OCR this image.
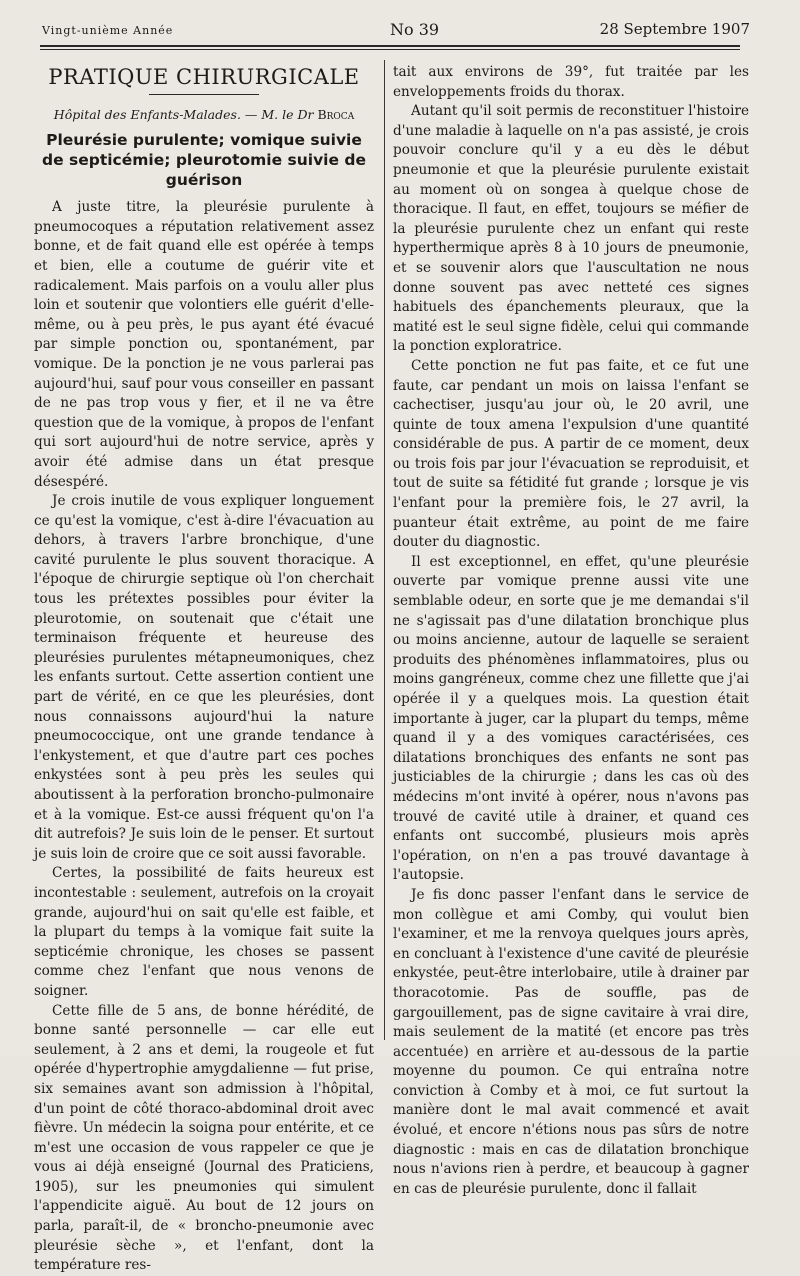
Vingt-unième Année	No 39	28 Septembre 1907
PRATIQUE CHIRURGICALE
Hôpital des Enfants-Malades. — M. le Dr Broca
Pleurésie purulente; vomique suivie de septicémie; pleurotomie suivie de guérison

A juste titre, la pleurésie purulente à pneumocoques a réputation relativement assez bonne, et de fait quand elle est opérée à temps et bien, elle a coutume de guérir vite et radicalement. Mais parfois on a voulu aller plus loin et soutenir que volontiers elle guérit d'elle-même, ou à peu près, le pus ayant été évacué par simple ponction ou, spontanément, par vomique. De la ponction je ne vous parlerai pas aujourd'hui, sauf pour vous conseiller en passant de ne pas trop vous y fier, et il ne va être question que de la vomique, à propos de l'enfant qui sort aujourd'hui de notre service, après y avoir été admise dans un état presque désespéré.

Je crois inutile de vous expliquer longuement ce qu'est la vomique, c'est à-dire l'évacuation au dehors, à travers l'arbre bronchique, d'une cavité purulente le plus souvent thoracique. A l'époque de chirurgie septique où l'on cherchait tous les prétextes possibles pour éviter la pleurotomie, on soutenait que c'était une terminaison fréquente et heureuse des pleurésies purulentes métapneumoniques, chez les enfants surtout. Cette assertion contient une part de vérité, en ce que les pleurésies, dont nous connaissons aujourd'hui la nature pneumococcique, ont une grande tendance à l'enkystement, et que d'autre part ces poches enkystées sont à peu près les seules qui aboutissent à la perforation broncho-pulmonaire et à la vomique. Est-ce aussi fréquent qu'on l'a dit autrefois? Je suis loin de le penser. Et surtout je suis loin de croire que ce soit aussi favorable.

Certes, la possibilité de faits heureux est incontestable : seulement, autrefois on la croyait grande, aujourd'hui on sait qu'elle est faible, et la plupart du temps à la vomique fait suite la septicémie chronique, les choses se passent comme chez l'enfant que nous venons de soigner.

Cette fille de 5 ans, de bonne hérédité, de bonne santé personnelle — car elle eut seulement, à 2 ans et demi, la rougeole et fut opérée d'hypertrophie amygdalienne — fut prise, six semaines avant son admission à l'hôpital, d'un point de côté thoraco-abdominal droit avec fièvre. Un médecin la soigna pour entérite, et ce m'est une occasion de vous rappeler ce que je vous ai déjà enseigné (Journal des Praticiens, 1905), sur les pneumonies qui simulent l'appendicite aiguë. Au bout de 12 jours on parla, paraît-il, de « broncho-pneumonie avec pleurésie sèche », et l'enfant, dont la température res-

tait aux environs de 39°, fut traitée par les enveloppements froids du thorax.

Autant qu'il soit permis de reconstituer l'histoire d'une maladie à laquelle on n'a pas assisté, je crois pouvoir conclure qu'il y a eu dès le début pneumonie et que la pleurésie purulente existait au moment où on songea à quelque chose de thoracique. Il faut, en effet, toujours se méfier de la pleurésie purulente chez un enfant qui reste hyperthermique après 8 à 10 jours de pneumonie, et se souvenir alors que l'auscultation ne nous donne souvent pas avec netteté ces signes habituels des épanchements pleuraux, que la matité est le seul signe fidèle, celui qui commande la ponction exploratrice.

Cette ponction ne fut pas faite, et ce fut une faute, car pendant un mois on laissa l'enfant se cachectiser, jusqu'au jour où, le 20 avril, une quinte de toux amena l'expulsion d'une quantité considérable de pus. A partir de ce moment, deux ou trois fois par jour l'évacuation se reproduisit, et tout de suite sa fétidité fut grande ; lorsque je vis l'enfant pour la première fois, le 27 avril, la puanteur était extrême, au point de me faire douter du diagnostic.

Il est exceptionnel, en effet, qu'une pleurésie ouverte par vomique prenne aussi vite une semblable odeur, en sorte que je me demandai s'il ne s'agissait pas d'une dilatation bronchique plus ou moins ancienne, autour de laquelle se seraient produits des phénomènes inflammatoires, plus ou moins gangréneux, comme chez une fillette que j'ai opérée il y a quelques mois. La question était importante à juger, car la plupart du temps, même quand il y a des vomiques caractérisées, ces dilatations bronchiques des enfants ne sont pas justiciables de la chirurgie ; dans les cas où des médecins m'ont invité à opérer, nous n'avons pas trouvé de cavité utile à drainer, et quand ces enfants ont succombé, plusieurs mois après l'opération, on n'en a pas trouvé davantage à l'autopsie.

Je fis donc passer l'enfant dans le service de mon collègue et ami Comby, qui voulut bien l'examiner, et me la renvoya quelques jours après, en concluant à l'existence d'une cavité de pleurésie enkystée, peut-être interlobaire, utile à drainer par thoracotomie. Pas de souffle, pas de gargouillement, pas de signe cavitaire à vrai dire, mais seulement de la matité (et encore pas très accentuée) en arrière et au-dessous de la partie moyenne du poumon. Ce qui entraîna notre conviction à Comby et à moi, ce fut surtout la manière dont le mal avait commencé et avait évolué, et encore n'étions nous pas sûrs de notre diagnostic : mais en cas de dilatation bronchique nous n'avions rien à perdre, et beaucoup à gagner en cas de pleurésie purulente, donc il fallait
